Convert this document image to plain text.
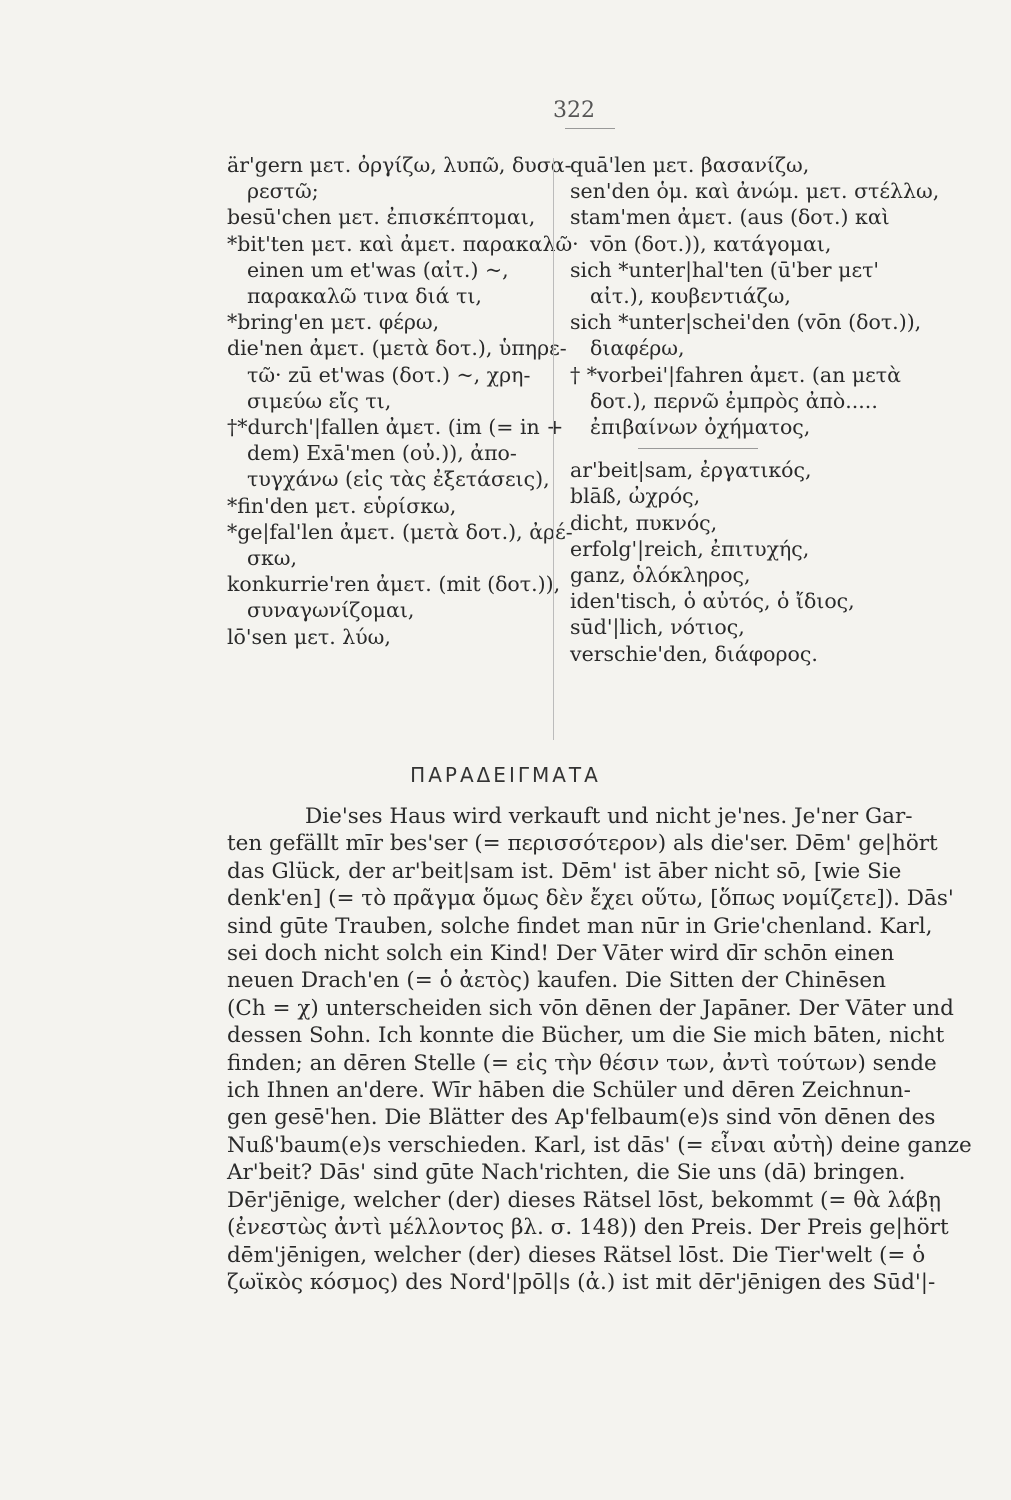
322
är'gern μετ. ὀργίζω, λυπῶ, δυσα-
ρεστῶ;
besū'chen μετ. ἐπισκέπτομαι,
*bit'ten μετ. καὶ ἀμετ. παρακαλῶ·
einen um et'was (αἰτ.) ~,
παρακαλῶ τινα διά τι,
*bring'en μετ. φέρω,
die'nen ἀμετ. (μετὰ δοτ.), ὑπηρε-
τῶ· zū et'was (δοτ.) ~, χρη-
σιμεύω εἴς τι,
†*durch'|fallen ἀμετ. (im (= in +
dem) Exā'men (οὐ.)), ἀπο-
τυγχάνω (εἰς τὰς ἐξετάσεις),
*fin'den μετ. εὑρίσκω,
*ge|fal'len ἀμετ. (μετὰ δοτ.), ἀρέ-
σκω,
konkurrie'ren ἀμετ. (mit (δοτ.)),
συναγωνίζομαι,
lō'sen μετ. λύω,
quā'len μετ. βασανίζω,
sen'den ὁμ. καὶ ἀνώμ. μετ. στέλλω,
stam'men ἀμετ. (aus (δοτ.) καὶ
vōn (δοτ.)), κατάγομαι,
sich *unter|hal'ten (ū'ber μετ'
αἰτ.), κουβεντιάζω,
sich *unter|schei'den (vōn (δοτ.)),
διαφέρω,
† *vorbei'|fahren ἀμετ. (an μετὰ
δοτ.), περνῶ ἐμπρὸς ἀπὸ.....
ἐπιβαίνων ὀχήματος,
ar'beit|sam, ἐργατικός,
blāß, ὠχρός,
dicht, πυκνός,
erfolg'|reich, ἐπιτυχής,
ganz, ὁλόκληρος,
iden'tisch, ὁ αὐτός, ὁ ἴδιος,
sūd'|lich, νότιος,
verschie'den, διάφορος.
ΠΑΡΑΔΕΙΓΜΑΤΑ
Die'ses Haus wird verkauft und nicht je'nes. Je'ner Gar-
ten gefällt mīr bes'ser (= περισσότερον) als die'ser. Dēm' ge|hört
das Glück, der ar'beit|sam ist. Dēm' ist āber nicht sō, [wie Sie
denk'en] (= τὸ πρᾶγμα ὅμως δὲν ἔχει οὕτω, [ὅπως νομίζετε]). Dās'
sind gūte Trauben, solche findet man nūr in Grie'chenland. Karl,
sei doch nicht solch ein Kind! Der Vāter wird dīr schōn einen
neuen Drach'en (= ὁ ἀετὸς) kaufen. Die Sitten der Chinēsen
(Ch = χ) unterscheiden sich vōn dēnen der Japāner. Der Vāter und
dessen Sohn. Ich konnte die Bücher, um die Sie mich bāten, nicht
finden; an dēren Stelle (= εἰς τὴν θέσιν των, ἀντὶ τούτων) sende
ich Ihnen an'dere. Wīr hāben die Schüler und dēren Zeichnun-
gen gesē'hen. Die Blätter des Ap'felbaum(e)s sind vōn dēnen des
Nuß'baum(e)s verschieden. Karl, ist dās' (= εἶναι αὐτὴ) deine ganze
Ar'beit? Dās' sind gūte Nach'richten, die Sie uns (dā) bringen.
Dēr'jēnige, welcher (der) dieses Rätsel lōst, bekommt (= θὰ λάβῃ
(ἐνεστὼς ἀντὶ μέλλοντος βλ. σ. 148)) den Preis. Der Preis ge|hört
dēm'jēnigen, welcher (der) dieses Rätsel lōst. Die Tier'welt (= ὁ
ζωϊκὸς κόσμος) des Nord'|pōl|s (ἀ.) ist mit dēr'jēnigen des Sūd'|-
